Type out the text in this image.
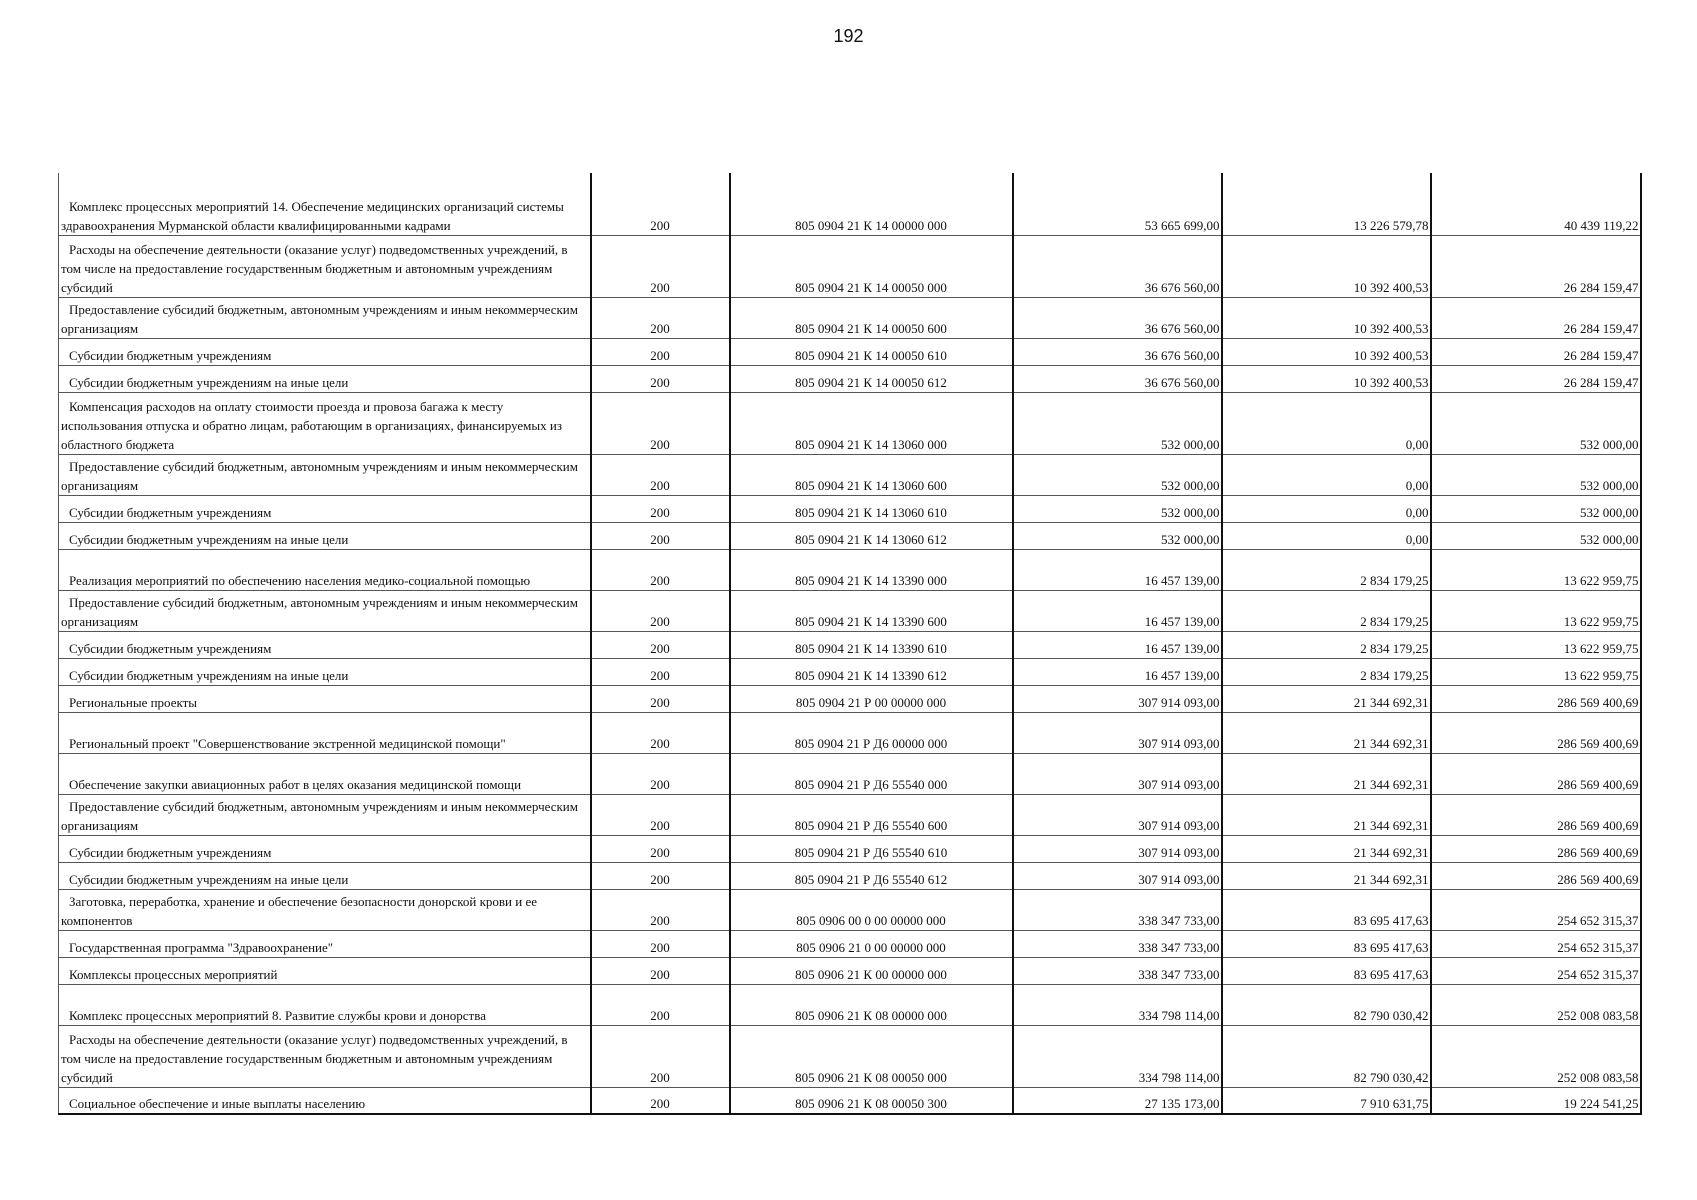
192
Комплекс процессных мероприятий 14. Обеспечение медицинских организаций системы здравоохранения Мурманской области квалифицированными кадрами	200	805 0904 21 К 14 00000 000	53 665 699,00	13 226 579,78	40 439 119,22
Расходы на обеспечение деятельности (оказание услуг) подведомственных учреждений, в том числе на предоставление государственным бюджетным и автономным учреждениям субсидий	200	805 0904 21 К 14 00050 000	36 676 560,00	10 392 400,53	26 284 159,47
Предоставление субсидий бюджетным, автономным учреждениям и иным некоммерческим организациям	200	805 0904 21 К 14 00050 600	36 676 560,00	10 392 400,53	26 284 159,47
Субсидии бюджетным учреждениям	200	805 0904 21 К 14 00050 610	36 676 560,00	10 392 400,53	26 284 159,47
Субсидии бюджетным учреждениям на иные цели	200	805 0904 21 К 14 00050 612	36 676 560,00	10 392 400,53	26 284 159,47
Компенсация расходов на оплату стоимости проезда и провоза багажа к месту использования отпуска и обратно лицам, работающим в организациях, финансируемых из областного бюджета	200	805 0904 21 К 14 13060 000	532 000,00	0,00	532 000,00
Предоставление субсидий бюджетным, автономным учреждениям и иным некоммерческим организациям	200	805 0904 21 К 14 13060 600	532 000,00	0,00	532 000,00
Субсидии бюджетным учреждениям	200	805 0904 21 К 14 13060 610	532 000,00	0,00	532 000,00
Субсидии бюджетным учреждениям на иные цели	200	805 0904 21 К 14 13060 612	532 000,00	0,00	532 000,00
Реализация мероприятий по обеспечению населения медико-социальной помощью	200	805 0904 21 К 14 13390 000	16 457 139,00	2 834 179,25	13 622 959,75
Предоставление субсидий бюджетным, автономным учреждениям и иным некоммерческим организациям	200	805 0904 21 К 14 13390 600	16 457 139,00	2 834 179,25	13 622 959,75
Субсидии бюджетным учреждениям	200	805 0904 21 К 14 13390 610	16 457 139,00	2 834 179,25	13 622 959,75
Субсидии бюджетным учреждениям на иные цели	200	805 0904 21 К 14 13390 612	16 457 139,00	2 834 179,25	13 622 959,75
Региональные проекты	200	805 0904 21 Р 00 00000 000	307 914 093,00	21 344 692,31	286 569 400,69
Региональный проект "Совершенствование экстренной медицинской помощи"	200	805 0904 21 Р Д6 00000 000	307 914 093,00	21 344 692,31	286 569 400,69
Обеспечение закупки авиационных работ в целях оказания медицинской помощи	200	805 0904 21 Р Д6 55540 000	307 914 093,00	21 344 692,31	286 569 400,69
Предоставление субсидий бюджетным, автономным учреждениям и иным некоммерческим организациям	200	805 0904 21 Р Д6 55540 600	307 914 093,00	21 344 692,31	286 569 400,69
Субсидии бюджетным учреждениям	200	805 0904 21 Р Д6 55540 610	307 914 093,00	21 344 692,31	286 569 400,69
Субсидии бюджетным учреждениям на иные цели	200	805 0904 21 Р Д6 55540 612	307 914 093,00	21 344 692,31	286 569 400,69
Заготовка, переработка, хранение и обеспечение безопасности донорской крови и ее компонентов	200	805 0906 00 0 00 00000 000	338 347 733,00	83 695 417,63	254 652 315,37
Государственная программа "Здравоохранение"	200	805 0906 21 0 00 00000 000	338 347 733,00	83 695 417,63	254 652 315,37
Комплексы процессных мероприятий	200	805 0906 21 К 00 00000 000	338 347 733,00	83 695 417,63	254 652 315,37
Комплекс процессных мероприятий 8. Развитие службы крови и донорства	200	805 0906 21 К 08 00000 000	334 798 114,00	82 790 030,42	252 008 083,58
Расходы на обеспечение деятельности (оказание услуг) подведомственных учреждений, в том числе на предоставление государственным бюджетным и автономным учреждениям субсидий	200	805 0906 21 К 08 00050 000	334 798 114,00	82 790 030,42	252 008 083,58
Социальное обеспечение и иные выплаты населению	200	805 0906 21 К 08 00050 300	27 135 173,00	7 910 631,75	19 224 541,25
